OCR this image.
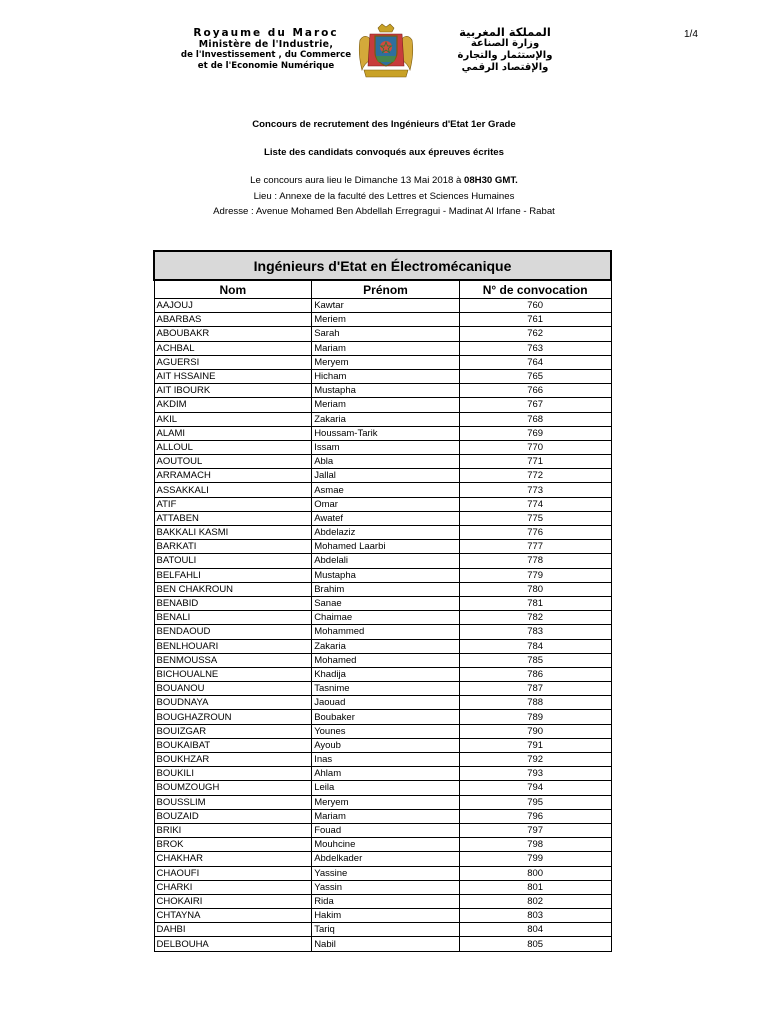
1/4
Royaume du Maroc
Ministère de l'Industrie,
de l'Investissement , du Commerce
et de l'Economie Numérique
المملكة المغربية
وزارة الصناعة
والإستثمار والتجارة
والإقتصاد الرقمي
Concours de recrutement des Ingénieurs d'Etat 1er Grade
Liste des candidats convoqués aux épreuves écrites
Le concours aura lieu le Dimanche 13 Mai 2018 à 08H30 GMT.
Lieu : Annexe de la faculté des Lettres et Sciences Humaines
Adresse : Avenue Mohamed Ben Abdellah Erregragui - Madinat Al Irfane - Rabat
Ingénieurs d'Etat en Électromécanique		
Nom	Prénom	N° de convocation
AAJOUJ	Kawtar	760
ABARBAS	Meriem	761
ABOUBAKR	Sarah	762
ACHBAL	Mariam	763
AGUERSI	Meryem	764
AIT HSSAINE	Hicham	765
AIT IBOURK	Mustapha	766
AKDIM	Meriam	767
AKIL	Zakaria	768
ALAMI	Houssam-Tarik	769
ALLOUL	Issam	770
AOUTOUL	Abla	771
ARRAMACH	Jallal	772
ASSAKKALI	Asmae	773
ATIF	Omar	774
ATTABEN	Awatef	775
BAKKALI KASMI	Abdelaziz	776
BARKATI	Mohamed Laarbi	777
BATOULI	Abdelali	778
BELFAHLI	Mustapha	779
BEN CHAKROUN	Brahim	780
BENABID	Sanae	781
BENALI	Chaimae	782
BENDAOUD	Mohammed	783
BENLHOUARI	Zakaria	784
BENMOUSSA	Mohamed	785
BICHOUALNE	Khadija	786
BOUANOU	Tasnime	787
BOUDNAYA	Jaouad	788
BOUGHAZROUN	Boubaker	789
BOUIZGAR	Younes	790
BOUKAIBAT	Ayoub	791
BOUKHZAR	Inas	792
BOUKILI	Ahlam	793
BOUMZOUGH	Leila	794
BOUSSLIM	Meryem	795
BOUZAID	Mariam	796
BRIKI	Fouad	797
BROK	Mouhcine	798
CHAKHAR	Abdelkader	799
CHAOUFI	Yassine	800
CHARKI	Yassin	801
CHOKAIRI	Rida	802
CHTAYNA	Hakim	803
DAHBI	Tariq	804
DELBOUHA	Nabil	805
